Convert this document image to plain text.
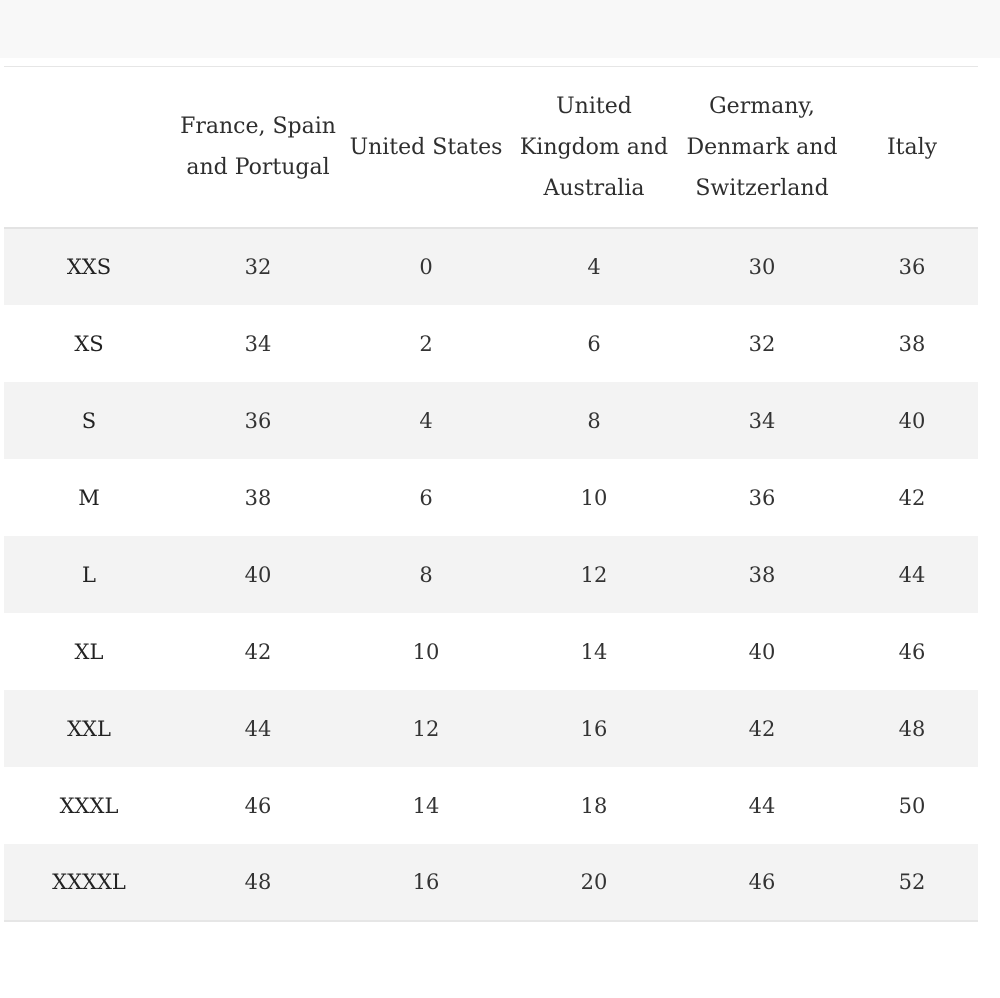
	France, Spain and Portugal	United States	United Kingdom and Australia	Germany, Denmark and Switzerland	Italy
XXS	32	0	4	30	36
XS	34	2	6	32	38
S	36	4	8	34	40
M	38	6	10	36	42
L	40	8	12	38	44
XL	42	10	14	40	46
XXL	44	12	16	42	48
XXXL	46	14	18	44	50
XXXXL	48	16	20	46	52
